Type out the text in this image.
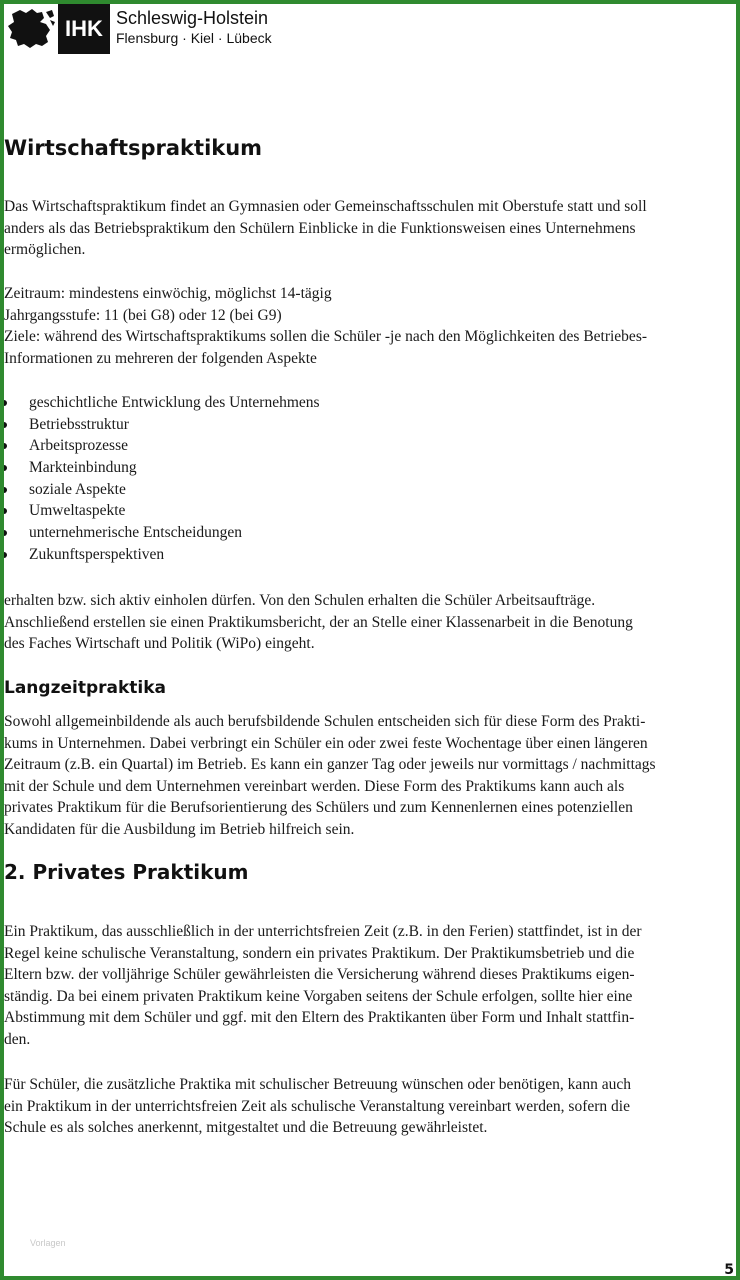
IHK Schleswig-Holstein
Flensburg · Kiel · Lübeck
Wirtschaftspraktikum

Das Wirtschaftspraktikum findet an Gymnasien oder Gemeinschaftsschulen mit Oberstufe statt und soll
anders als das Betriebspraktikum den Schülern Einblicke in die Funktionsweisen eines Unternehmens
ermöglichen.

Zeitraum: mindestens einwöchig, möglichst 14-tägig
Jahrgangsstufe: 11 (bei G8) oder 12 (bei G9)
Ziele: während des Wirtschaftspraktikums sollen die Schüler -je nach den Möglichkeiten des Betriebes-
Informationen zu mehreren der folgenden Aspekte

geschichtliche Entwicklung des Unternehmens
Betriebsstruktur
Arbeitsprozesse
Markteinbindung
soziale Aspekte
Umweltaspekte
unternehmerische Entscheidungen
Zukunftsperspektiven

erhalten bzw. sich aktiv einholen dürfen. Von den Schulen erhalten die Schüler Arbeitsaufträge.
Anschließend erstellen sie einen Praktikumsbericht, der an Stelle einer Klassenarbeit in die Benotung
des Faches Wirtschaft und Politik (WiPo) eingeht.

Langzeitpraktika

Sowohl allgemeinbildende als auch berufsbildende Schulen entscheiden sich für diese Form des Prakti-
kums in Unternehmen. Dabei verbringt ein Schüler ein oder zwei feste Wochentage über einen längeren
Zeitraum (z.B. ein Quartal) im Betrieb. Es kann ein ganzer Tag oder jeweils nur vormittags / nachmittags
mit der Schule und dem Unternehmen vereinbart werden. Diese Form des Praktikums kann auch als
privates Praktikum für die Berufsorientierung des Schülers und zum Kennenlernen eines potenziellen
Kandidaten für die Ausbildung im Betrieb hilfreich sein.

2. Privates Praktikum

Ein Praktikum, das ausschließlich in der unterrichtsfreien Zeit (z.B. in den Ferien) stattfindet, ist in der
Regel keine schulische Veranstaltung, sondern ein privates Praktikum. Der Praktikumsbetrieb und die
Eltern bzw. der volljährige Schüler gewährleisten die Versicherung während dieses Praktikums eigen-
ständig. Da bei einem privaten Praktikum keine Vorgaben seitens der Schule erfolgen, sollte hier eine
Abstimmung mit dem Schüler und ggf. mit den Eltern des Praktikanten über Form und Inhalt stattfin-
den.

Für Schüler, die zusätzliche Praktika mit schulischer Betreuung wünschen oder benötigen, kann auch
ein Praktikum in der unterrichtsfreien Zeit als schulische Veranstaltung vereinbart werden, sofern die
Schule es als solches anerkennt, mitgestaltet und die Betreuung gewährleistet.

Vorlagen
5
